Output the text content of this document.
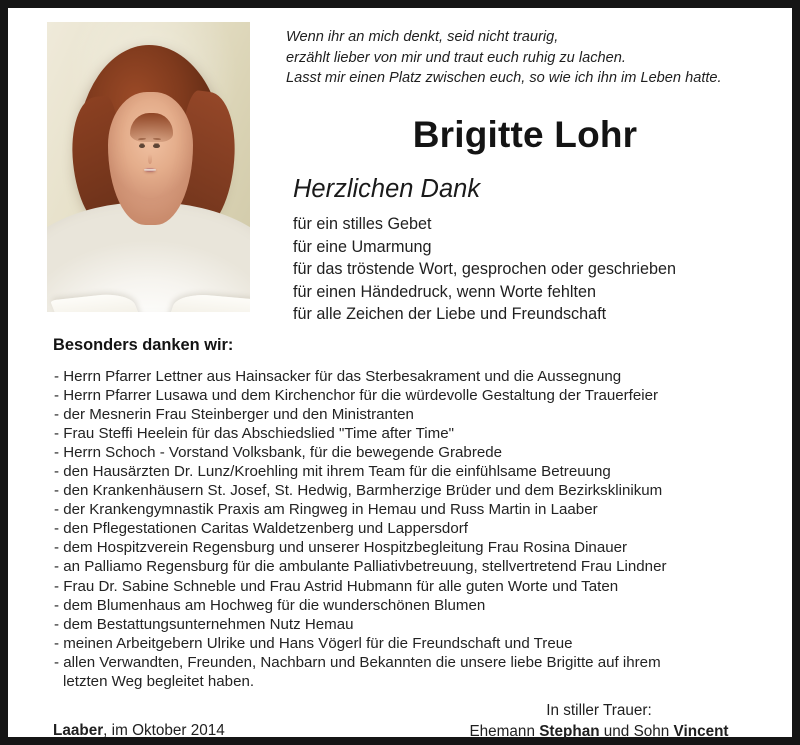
Wenn ihr an mich denkt, seid nicht traurig,
erzählt lieber von mir und traut euch ruhig zu lachen.
Lasst mir einen Platz zwischen euch, so wie ich ihn im Leben hatte.
Brigitte Lohr
Herzlichen Dank
für ein stilles Gebet
für eine Umarmung
für das tröstende Wort, gesprochen oder geschrieben
für einen Händedruck, wenn Worte fehlten
für alle Zeichen der Liebe und Freundschaft
Besonders danken wir:
- Herrn Pfarrer Lettner aus Hainsacker für das Sterbesakrament und die Aussegnung
- Herrn Pfarrer Lusawa und dem Kirchenchor für die würdevolle Gestaltung der Trauerfeier
- der Mesnerin Frau Steinberger und den Ministranten
- Frau Steffi Heelein für das Abschiedslied "Time after Time"
- Herrn Schoch - Vorstand Volksbank, für die bewegende Grabrede
- den Hausärzten Dr. Lunz/Kroehling mit ihrem Team für die einfühlsame Betreuung
- den Krankenhäusern St. Josef, St. Hedwig, Barmherzige Brüder und dem Bezirksklinikum
- der Krankengymnastik Praxis am Ringweg in Hemau und Russ Martin in Laaber
- den Pflegestationen Caritas Waldetzenberg und Lappersdorf
- dem Hospitzverein Regensburg und unserer Hospitzbegleitung Frau Rosina Dinauer
- an Palliamo Regensburg für die ambulante Palliativbetreuung, stellvertretend Frau Lindner
- Frau Dr. Sabine Schneble und Frau Astrid Hubmann für alle guten Worte und Taten
- dem Blumenhaus am Hochweg für die wunderschönen Blumen
- dem Bestattungsunternehmen Nutz Hemau
- meinen Arbeitgebern Ulrike und Hans Vögerl für die Freundschaft und Treue
- allen Verwandten, Freunden, Nachbarn und Bekannten die unsere liebe Brigitte auf ihrem
letzten Weg begleitet haben.
Laaber, im Oktober 2014
In stiller Trauer:
Ehemann Stephan und Sohn Vincent
